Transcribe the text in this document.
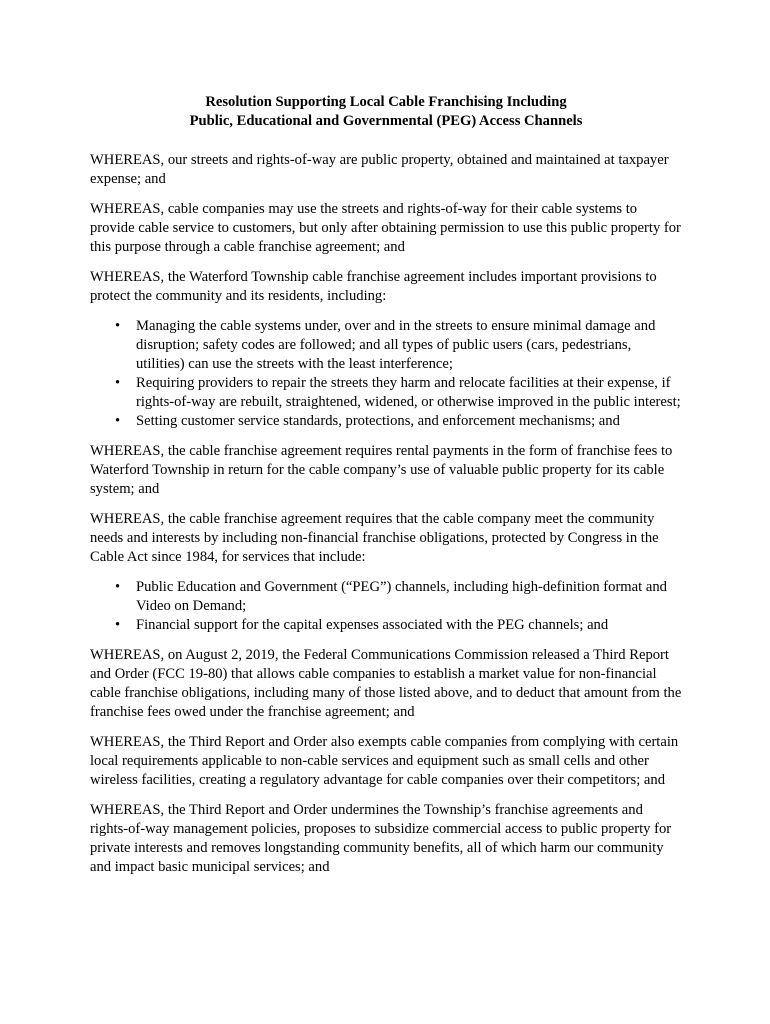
Resolution Supporting Local Cable Franchising Including
Public, Educational and Governmental (PEG) Access Channels

WHEREAS, our streets and rights-of-way are public property, obtained and maintained at taxpayer expense; and

WHEREAS, cable companies may use the streets and rights-of-way for their cable systems to provide cable service to customers, but only after obtaining permission to use this public property for this purpose through a cable franchise agreement; and

WHEREAS, the Waterford Township cable franchise agreement includes important provisions to protect the community and its residents, including:

• Managing the cable systems under, over and in the streets to ensure minimal damage and disruption; safety codes are followed; and all types of public users (cars, pedestrians, utilities) can use the streets with the least interference;
• Requiring providers to repair the streets they harm and relocate facilities at their expense, if rights-of-way are rebuilt, straightened, widened, or otherwise improved in the public interest;
• Setting customer service standards, protections, and enforcement mechanisms; and

WHEREAS, the cable franchise agreement requires rental payments in the form of franchise fees to Waterford Township in return for the cable company’s use of valuable public property for its cable system; and

WHEREAS, the cable franchise agreement requires that the cable company meet the community needs and interests by including non-financial franchise obligations, protected by Congress in the Cable Act since 1984, for services that include:

• Public Education and Government (“PEG”) channels, including high-definition format and Video on Demand;
• Financial support for the capital expenses associated with the PEG channels; and

WHEREAS, on August 2, 2019, the Federal Communications Commission released a Third Report and Order (FCC 19-80) that allows cable companies to establish a market value for non-financial cable franchise obligations, including many of those listed above, and to deduct that amount from the franchise fees owed under the franchise agreement; and

WHEREAS, the Third Report and Order also exempts cable companies from complying with certain local requirements applicable to non-cable services and equipment such as small cells and other wireless facilities, creating a regulatory advantage for cable companies over their competitors; and

WHEREAS, the Third Report and Order undermines the Township’s franchise agreements and rights-of-way management policies, proposes to subsidize commercial access to public property for private interests and removes longstanding community benefits, all of which harm our community and impact basic municipal services; and
